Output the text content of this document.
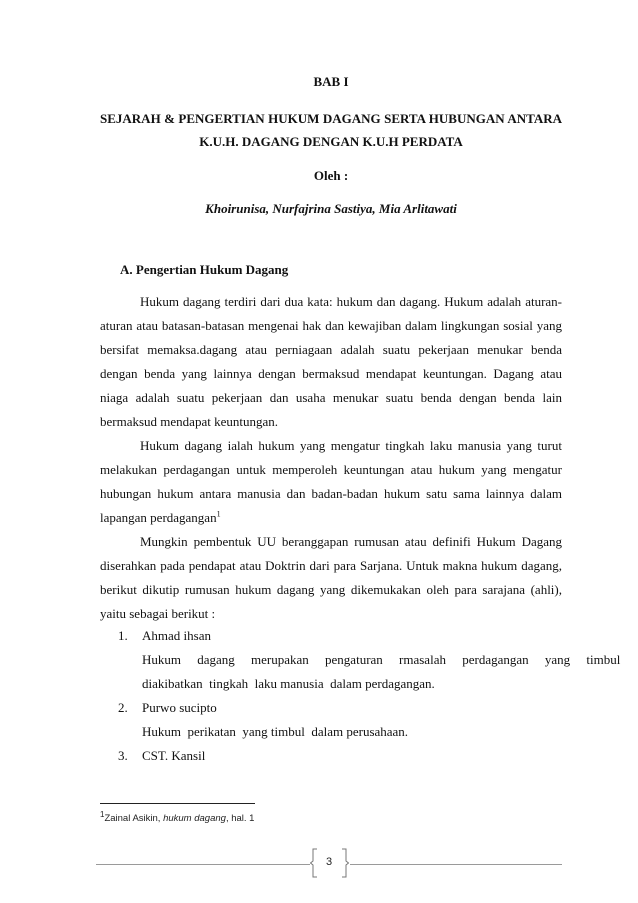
BAB I
SEJARAH & PENGERTIAN HUKUM DAGANG SERTA HUBUNGAN ANTARA
K.U.H. DAGANG DENGAN K.U.H PERDATA
Oleh :
Khoirunisa, Nurfajrina Sastiya, Mia Arlitawati
A. Pengertian Hukum Dagang
Hukum dagang terdiri dari dua kata: hukum dan dagang. Hukum adalah aturan-aturan atau batasan-batasan mengenai hak dan kewajiban dalam lingkungan sosial yang bersifat memaksa.dagang atau perniagaan adalah suatu pekerjaan menukar benda dengan benda yang lainnya dengan bermaksud mendapat keuntungan. Dagang atau niaga adalah suatu pekerjaan dan usaha menukar suatu benda dengan benda lain bermaksud mendapat keuntungan.
Hukum dagang ialah hukum yang mengatur tingkah laku manusia yang turut melakukan perdagangan untuk memperoleh keuntungan atau hukum yang mengatur hubungan hukum antara manusia dan badan-badan hukum satu sama lainnya dalam lapangan perdagangan$^1$
Mungkin pembentuk UU beranggapan rumusan atau definifi Hukum Dagang diserahkan pada pendapat atau Doktrin dari para Sarjana. Untuk makna hukum dagang, berikut dikutip rumusan hukum dagang yang dikemukakan oleh para sarajana (ahli), yaitu sebagai berikut :
1. Ahmad ihsan
Hukum     dagang     merupakan     pengaturan     rmasalah     perdagangan     yang     timbul
diakibatkan  tingkah  laku manusia  dalam perdagangan.
2. Purwo sucipto
Hukum  perikatan  yang timbul  dalam perusahaan.
3. CST. Kansil
$^1$Zainal Asikin, hukum dagang, hal. 1
3
